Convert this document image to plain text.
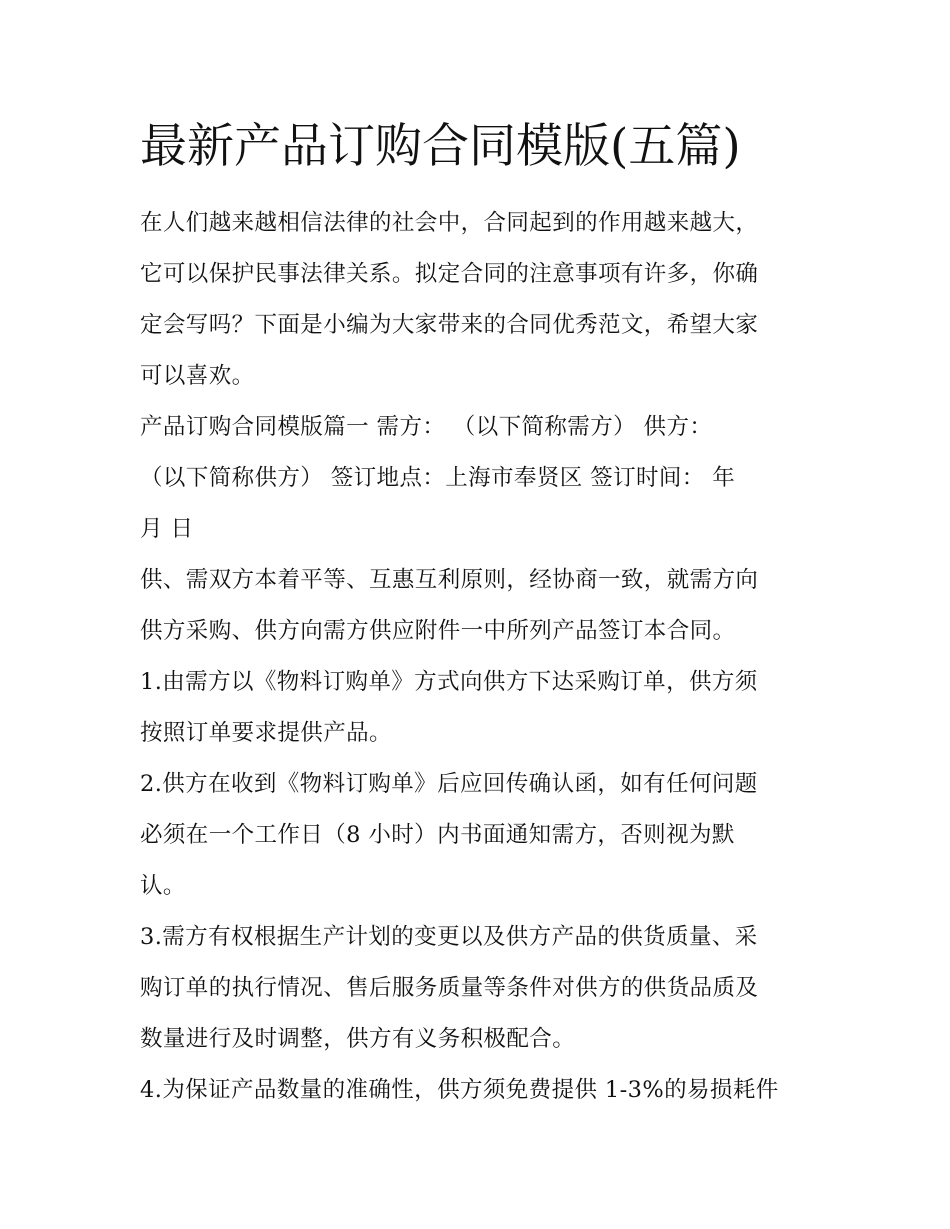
最新产品订购合同模版(五篇)

在人们越来越相信法律的社会中，合同起到的作用越来越大，

它可以保护民事法律关系。拟定合同的注意事项有许多，你确

定会写吗？下面是小编为大家带来的合同优秀范文，希望大家

可以喜欢。

产品订购合同模版篇一 需方： （以下简称需方） 供方：

（以下简称供方） 签订地点：上海市奉贤区 签订时间： 年

月 日

供、需双方本着平等、互惠互利原则，经协商一致，就需方向

供方采购、供方向需方供应附件一中所列产品签订本合同。

1.由需方以《物料订购单》方式向供方下达采购订单，供方须

按照订单要求提供产品。

2.供方在收到《物料订购单》后应回传确认函，如有任何问题

必须在一个工作日（8 小时）内书面通知需方，否则视为默

认。

3.需方有权根据生产计划的变更以及供方产品的供货质量、采

购订单的执行情况、售后服务质量等条件对供方的供货品质及

数量进行及时调整，供方有义务积极配合。

4.为保证产品数量的准确性，供方须免费提供 1-3%的易损耗件
